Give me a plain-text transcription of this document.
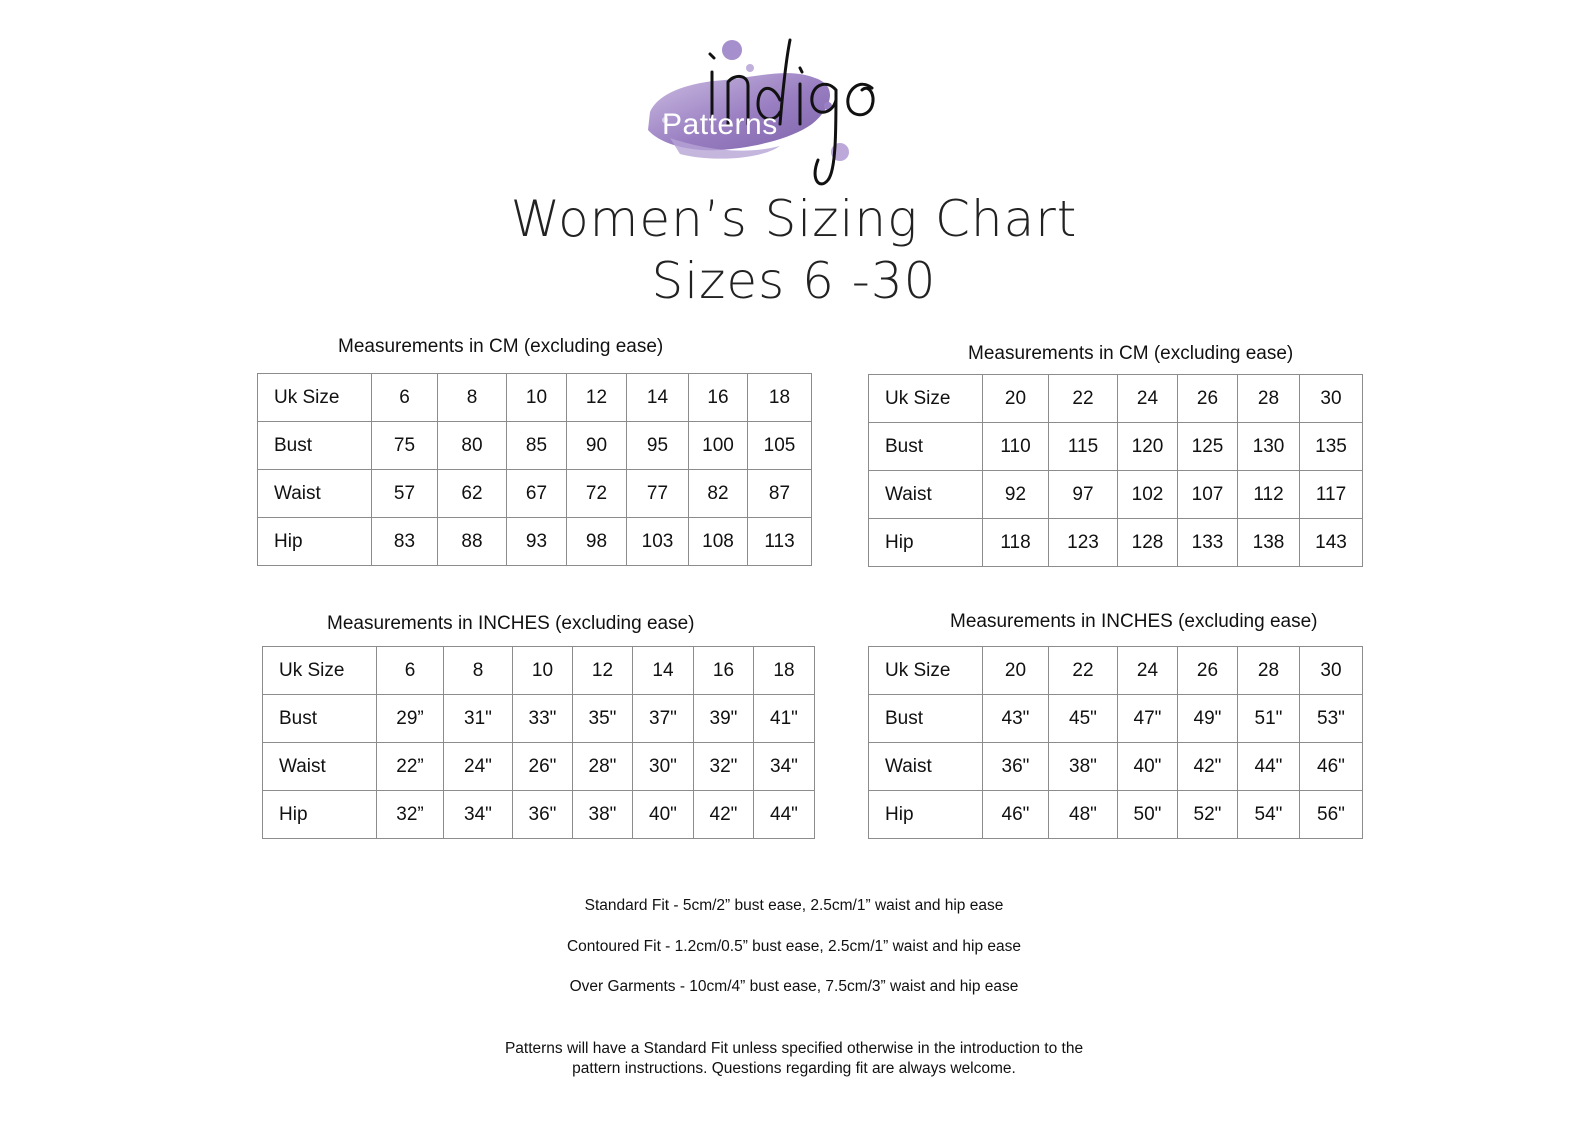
Patterns
Women’s Sizing Chart
Sizes 6 -30
Measurements in CM (excluding ease)
Uk Size	6	8	10	12	14	16	18
Bust	75	80	85	90	95	100	105
Waist	57	62	67	72	77	82	87
Hip	83	88	93	98	103	108	113
Measurements in CM (excluding ease)
Uk Size	20	22	24	26	28	30
Bust	110	115	120	125	130	135
Waist	92	97	102	107	112	117
Hip	118	123	128	133	138	143
Measurements in INCHES (excluding ease)
Uk Size	6	8	10	12	14	16	18
Bust	29”	31"	33"	35"	37"	39"	41"
Waist	22”	24"	26"	28"	30"	32"	34"
Hip	32”	34"	36"	38"	40"	42"	44"
Measurements in INCHES (excluding ease)
Uk Size	20	22	24	26	28	30
Bust	43"	45"	47"	49"	51"	53"
Waist	36"	38"	40"	42"	44"	46"
Hip	46"	48"	50"	52"	54"	56"
Standard Fit - 5cm/2” bust ease, 2.5cm/1” waist and hip ease
Contoured Fit - 1.2cm/0.5” bust ease, 2.5cm/1” waist and hip ease
Over Garments - 10cm/4” bust ease, 7.5cm/3” waist and hip ease
Patterns will have a Standard Fit unless specified otherwise in the introduction to the
pattern instructions. Questions regarding fit are always welcome.
